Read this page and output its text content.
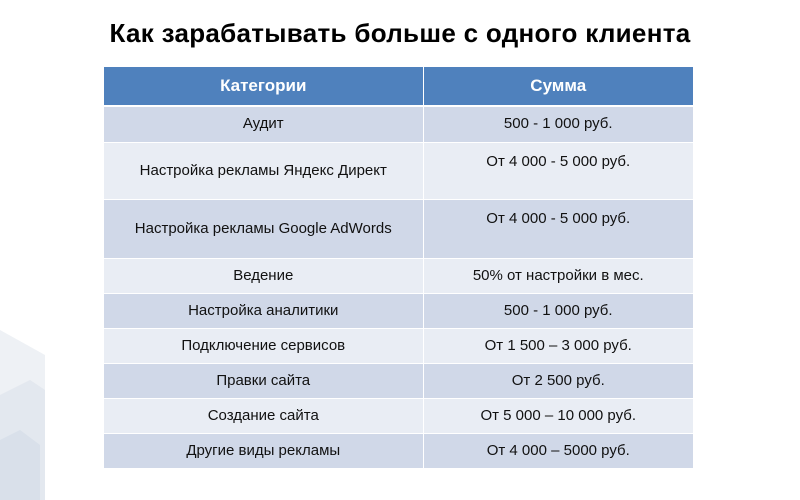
Как зарабатывать больше с одного клиента
Категории	Сумма
Аудит	500 - 1 000 руб.
Настройка рекламы Яндекс Директ	От 4 000 - 5 000 руб.
Настройка рекламы Google AdWords	От 4 000 - 5 000 руб.
Ведение	50% от настройки в мес.
Настройка аналитики	500 - 1 000 руб.
Подключение сервисов	От 1 500 – 3 000 руб.
Правки сайта	От 2 500 руб.
Создание сайта	От 5 000 – 10 000 руб.
Другие виды рекламы	От 4 000 – 5000 руб.
